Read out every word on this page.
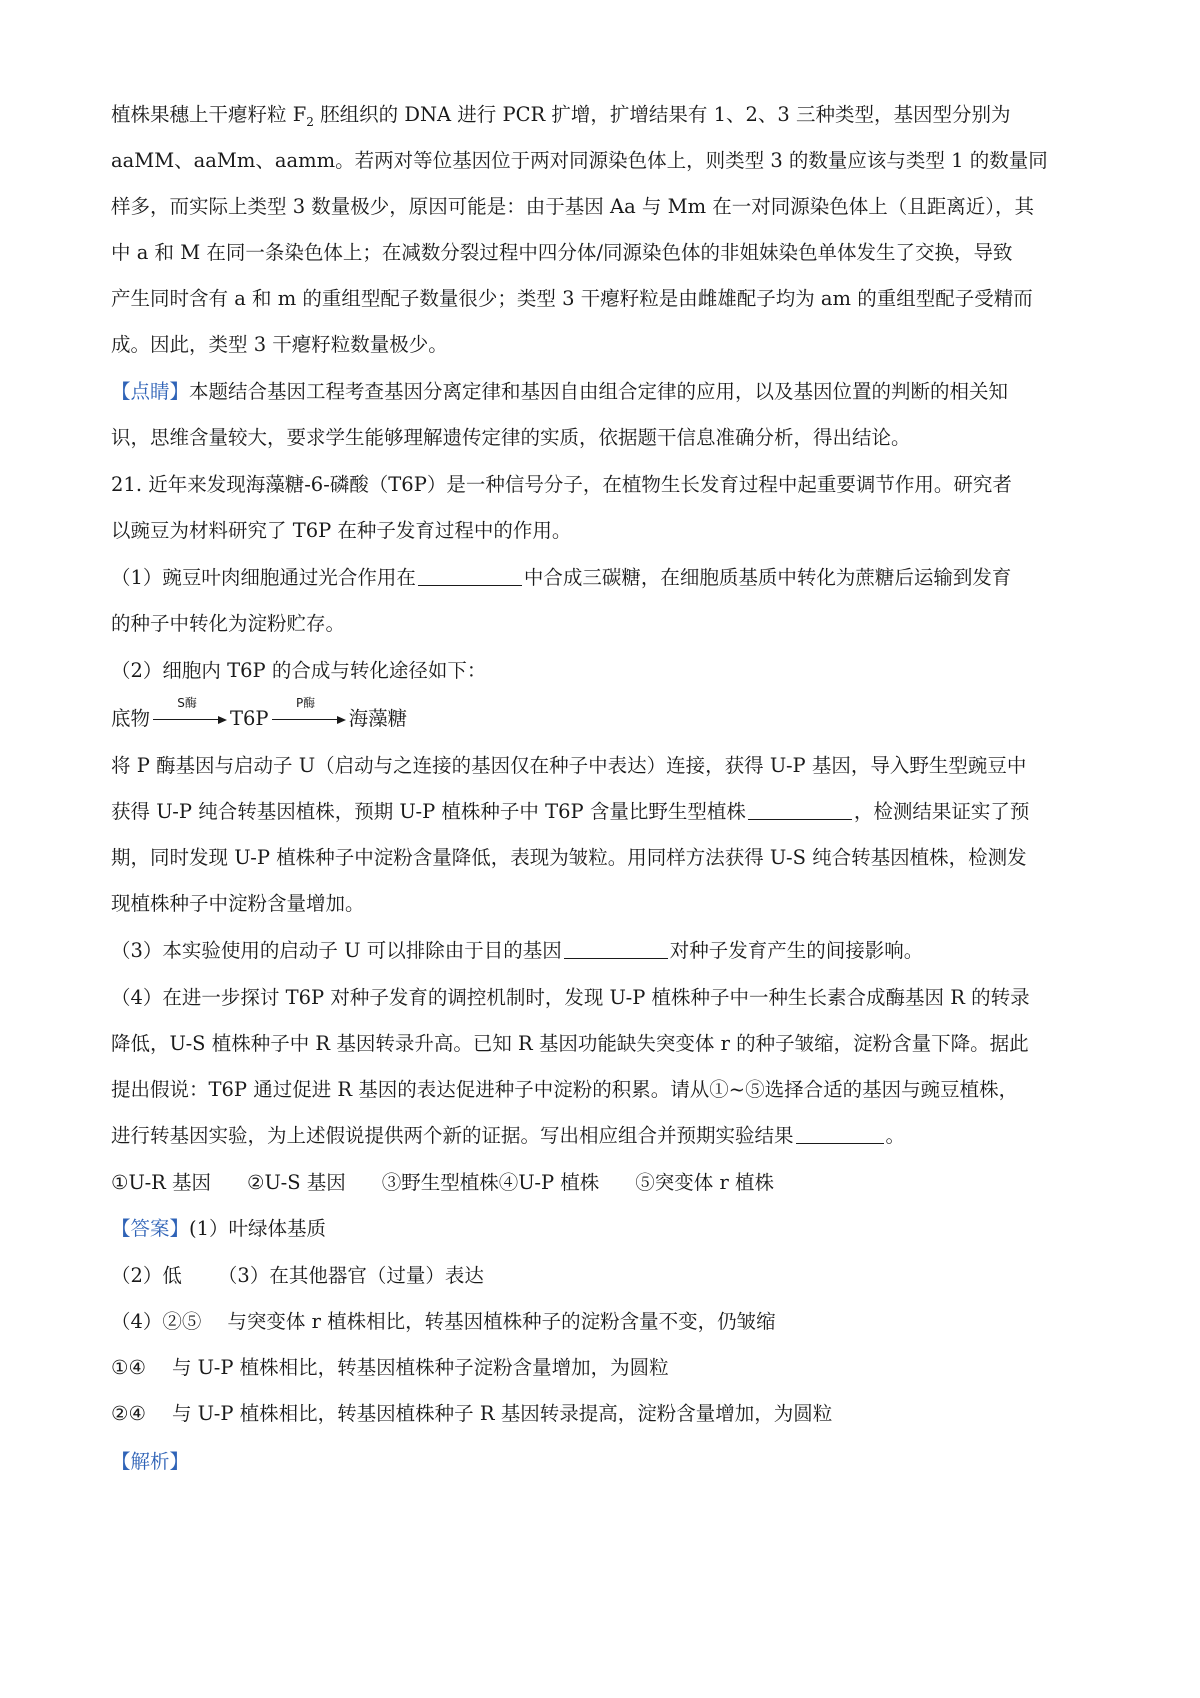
植株果穗上干瘪籽粒 $F_2$ 胚组织的 DNA 进行 PCR 扩增，扩增结果有 1、2、3 三种类型，基因型分别为
aaMM、aaMm、aamm。若两对等位基因位于两对同源染色体上，则类型 3 的数量应该与类型 1 的数量同
样多，而实际上类型 3 数量极少，原因可能是：由于基因 Aa 与 Mm 在一对同源染色体上（且距离近），其
中 a 和 M 在同一条染色体上；在减数分裂过程中四分体/同源染色体的非姐妹染色单体发生了交换，导致
产生同时含有 a 和 m 的重组型配子数量很少；类型 3 干瘪籽粒是由雌雄配子均为 am 的重组型配子受精而
成。因此，类型 3 干瘪籽粒数量极少。
【点睛】本题结合基因工程考查基因分离定律和基因自由组合定律的应用，以及基因位置的判断的相关知
识，思维含量较大，要求学生能够理解遗传定律的实质，依据题干信息准确分析，得出结论。
21. 近年来发现海藻糖-6-磷酸（T6P）是一种信号分子，在植物生长发育过程中起重要调节作用。研究者
以豌豆为材料研究了 T6P 在种子发育过程中的作用。
（1）豌豆叶肉细胞通过光合作用在	中合成三碳糖，在细胞质基质中转化为蔗糖后运输到发育
的种子中转化为淀粉贮存。
（2）细胞内 T6P 的合成与转化途径如下：
底物
S酶
T6P
P酶
海藻糖
将 P 酶基因与启动子 U（启动与之连接的基因仅在种子中表达）连接，获得 U-P 基因，导入野生型豌豆中
获得 U-P 纯合转基因植株，预期 U-P 植株种子中 T6P 含量比野生型植株	，检测结果证实了预
期，同时发现 U-P 植株种子中淀粉含量降低，表现为皱粒。用同样方法获得 U-S 纯合转基因植株，检测发
现植株种子中淀粉含量增加。
（3）本实验使用的启动子 U 可以排除由于目的基因	对种子发育产生的间接影响。
（4）在进一步探讨 T6P 对种子发育的调控机制时，发现 U-P 植株种子中一种生长素合成酶基因 R 的转录
降低，U-S 植株种子中 R 基因转录升高。已知 R 基因功能缺失突变体 r 的种子皱缩，淀粉含量下降。据此
提出假说：T6P 通过促进 R 基因的表达促进种子中淀粉的积累。请从①~⑤选择合适的基因与豌豆植株，
进行转基因实验，为上述假说提供两个新的证据。写出相应组合并预期实验结果	。
①U-R 基因 ②U-S 基因 ③野生型植株④U-P 植株 ⑤突变体 r 植株
【答案】(1）叶绿体基质
（2）低 （3）在其他器官（过量）表达
（4）②⑤ 与突变体 r 植株相比，转基因植株种子的淀粉含量不变，仍皱缩
①④ 与 U-P 植株相比，转基因植株种子淀粉含量增加，为圆粒
②④ 与 U-P 植株相比，转基因植株种子 R 基因转录提高，淀粉含量增加，为圆粒
【解析】
